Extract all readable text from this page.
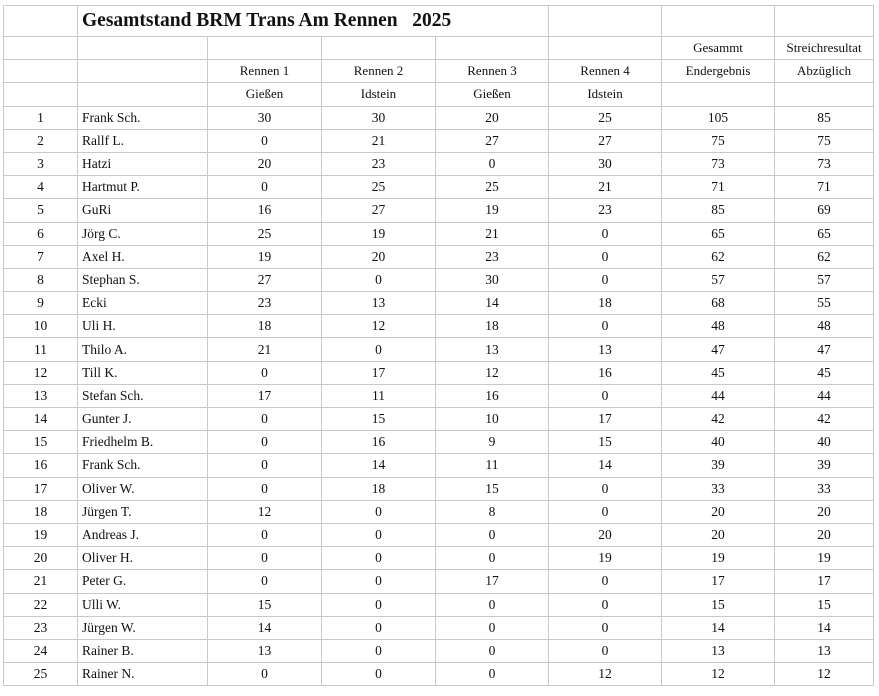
	Gesamtstand BRM Trans Am Rennen 2025						
						Gesammt	Streichresultat
		Rennen 1	Rennen 2	Rennen 3	Rennen 4	Endergebnis	Abzüglich
		Gießen	Idstein	Gießen	Idstein		
1	Frank Sch.	30	30	20	25	105	85
2	Rallf L.	0	21	27	27	75	75
3	Hatzi	20	23	0	30	73	73
4	Hartmut P.	0	25	25	21	71	71
5	GuRi	16	27	19	23	85	69
6	Jörg C.	25	19	21	0	65	65
7	Axel H.	19	20	23	0	62	62
8	Stephan S.	27	0	30	0	57	57
9	Ecki	23	13	14	18	68	55
10	Uli H.	18	12	18	0	48	48
11	Thilo A.	21	0	13	13	47	47
12	Till K.	0	17	12	16	45	45
13	Stefan Sch.	17	11	16	0	44	44
14	Gunter J.	0	15	10	17	42	42
15	Friedhelm B.	0	16	9	15	40	40
16	Frank Sch.	0	14	11	14	39	39
17	Oliver W.	0	18	15	0	33	33
18	Jürgen T.	12	0	8	0	20	20
19	Andreas J.	0	0	0	20	20	20
20	Oliver H.	0	0	0	19	19	19
21	Peter G.	0	0	17	0	17	17
22	Ulli W.	15	0	0	0	15	15
23	Jürgen W.	14	0	0	0	14	14
24	Rainer B.	13	0	0	0	13	13
25	Rainer N.	0	0	0	12	12	12
